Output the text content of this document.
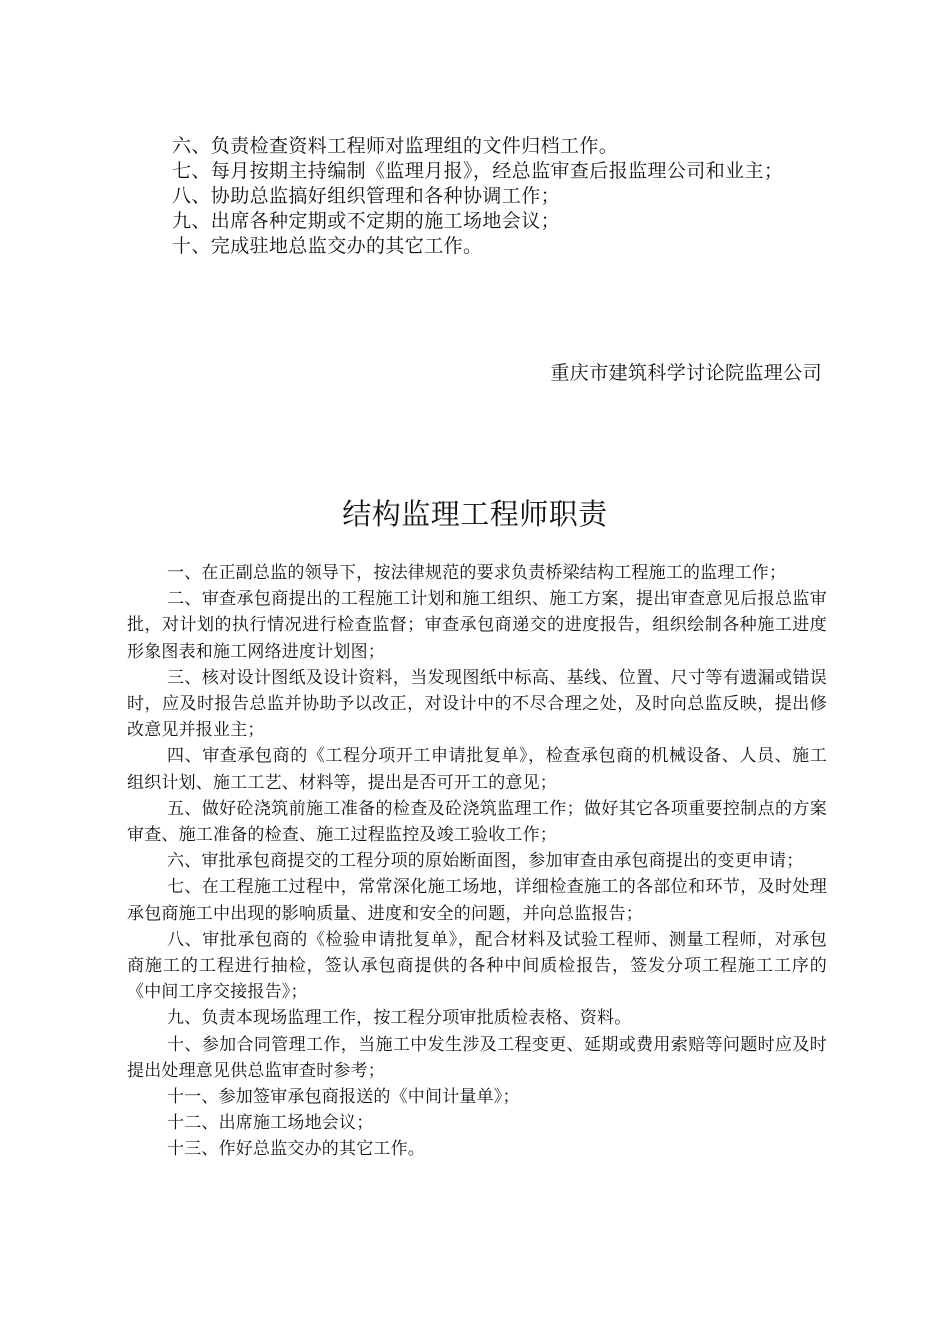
六、负责检查资料工程师对监理组的文件归档工作。

七、每月按期主持编制《监理月报》，经总监审查后报监理公司和业主；

八、协助总监搞好组织管理和各种协调工作；

九、出席各种定期或不定期的施工场地会议；

十、完成驻地总监交办的其它工作。

重庆市建筑科学讨论院监理公司
结构监理工程师职责

一、在正副总监的领导下，按法律规范的要求负责桥梁结构工程施工的监理工作；

二、审查承包商提出的工程施工计划和施工组织、施工方案，提出审查意见后报总监审批，对计划的执行情况进行检查监督；审查承包商递交的进度报告，组织绘制各种施工进度形象图表和施工网络进度计划图；

三、核对设计图纸及设计资料，当发现图纸中标高、基线、位置、尺寸等有遗漏或错误时，应及时报告总监并协助予以改正，对设计中的不尽合理之处，及时向总监反映，提出修改意见并报业主；

四、审查承包商的《工程分项开工申请批复单》，检查承包商的机械设备、人员、施工组织计划、施工工艺、材料等，提出是否可开工的意见；

五、做好砼浇筑前施工准备的检查及砼浇筑监理工作；做好其它各项重要控制点的方案审查、施工准备的检查、施工过程监控及竣工验收工作；

六、审批承包商提交的工程分项的原始断面图，参加审查由承包商提出的变更申请；

七、在工程施工过程中，常常深化施工场地，详细检查施工的各部位和环节，及时处理承包商施工中出现的影响质量、进度和安全的问题，并向总监报告；

八、审批承包商的《检验申请批复单》，配合材料及试验工程师、测量工程师，对承包商施工的工程进行抽检，签认承包商提供的各种中间质检报告，签发分项工程施工工序的《中间工序交接报告》；

九、负责本现场监理工作，按工程分项审批质检表格、资料。

十、参加合同管理工作，当施工中发生涉及工程变更、延期或费用索赔等问题时应及时提出处理意见供总监审查时参考；

十一、参加签审承包商报送的《中间计量单》；

十二、出席施工场地会议；

十三、作好总监交办的其它工作。
